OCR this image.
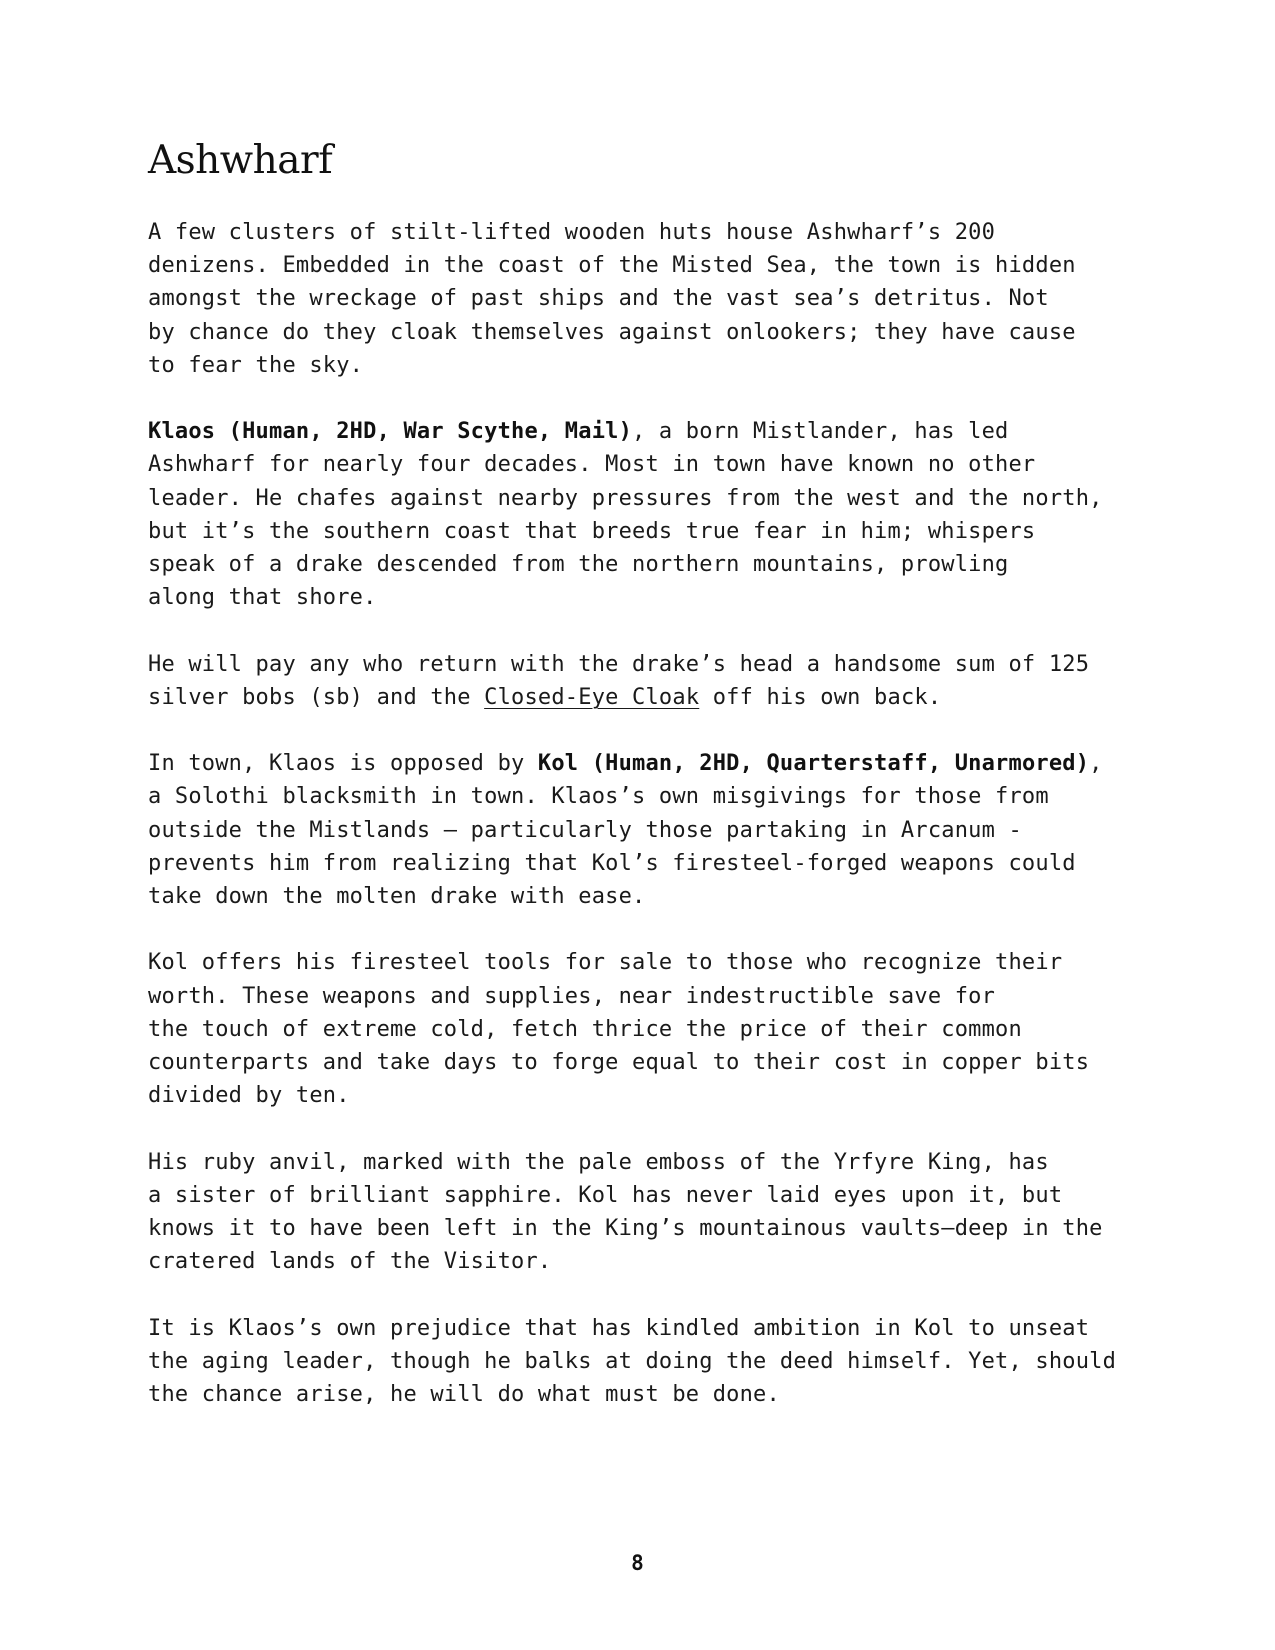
Ashwharf

A few clusters of stilt-lifted wooden huts house Ashwharf’s 200
denizens. Embedded in the coast of the Misted Sea, the town is hidden
amongst the wreckage of past ships and the vast sea’s detritus. Not
by chance do they cloak themselves against onlookers; they have cause
to fear the sky.

Klaos (Human, 2HD, War Scythe, Mail), a born Mistlander, has led
Ashwharf for nearly four decades. Most in town have known no other
leader. He chafes against nearby pressures from the west and the north,
but it’s the southern coast that breeds true fear in him; whispers
speak of a drake descended from the northern mountains, prowling
along that shore.

He will pay any who return with the drake’s head a handsome sum of 125
silver bobs (sb) and the Closed-Eye Cloak off his own back.

In town, Klaos is opposed by Kol (Human, 2HD, Quarterstaff, Unarmored),
a Solothi blacksmith in town. Klaos’s own misgivings for those from
outside the Mistlands — particularly those partaking in Arcanum -
prevents him from realizing that Kol’s firesteel-forged weapons could
take down the molten drake with ease.

Kol offers his firesteel tools for sale to those who recognize their
worth. These weapons and supplies, near indestructible save for
the touch of extreme cold, fetch thrice the price of their common
counterparts and take days to forge equal to their cost in copper bits
divided by ten.

His ruby anvil, marked with the pale emboss of the Yrfyre King, has
a sister of brilliant sapphire. Kol has never laid eyes upon it, but
knows it to have been left in the King’s mountainous vaults—deep in the
cratered lands of the Visitor.

It is Klaos’s own prejudice that has kindled ambition in Kol to unseat
the aging leader, though he balks at doing the deed himself. Yet, should
the chance arise, he will do what must be done.

8
